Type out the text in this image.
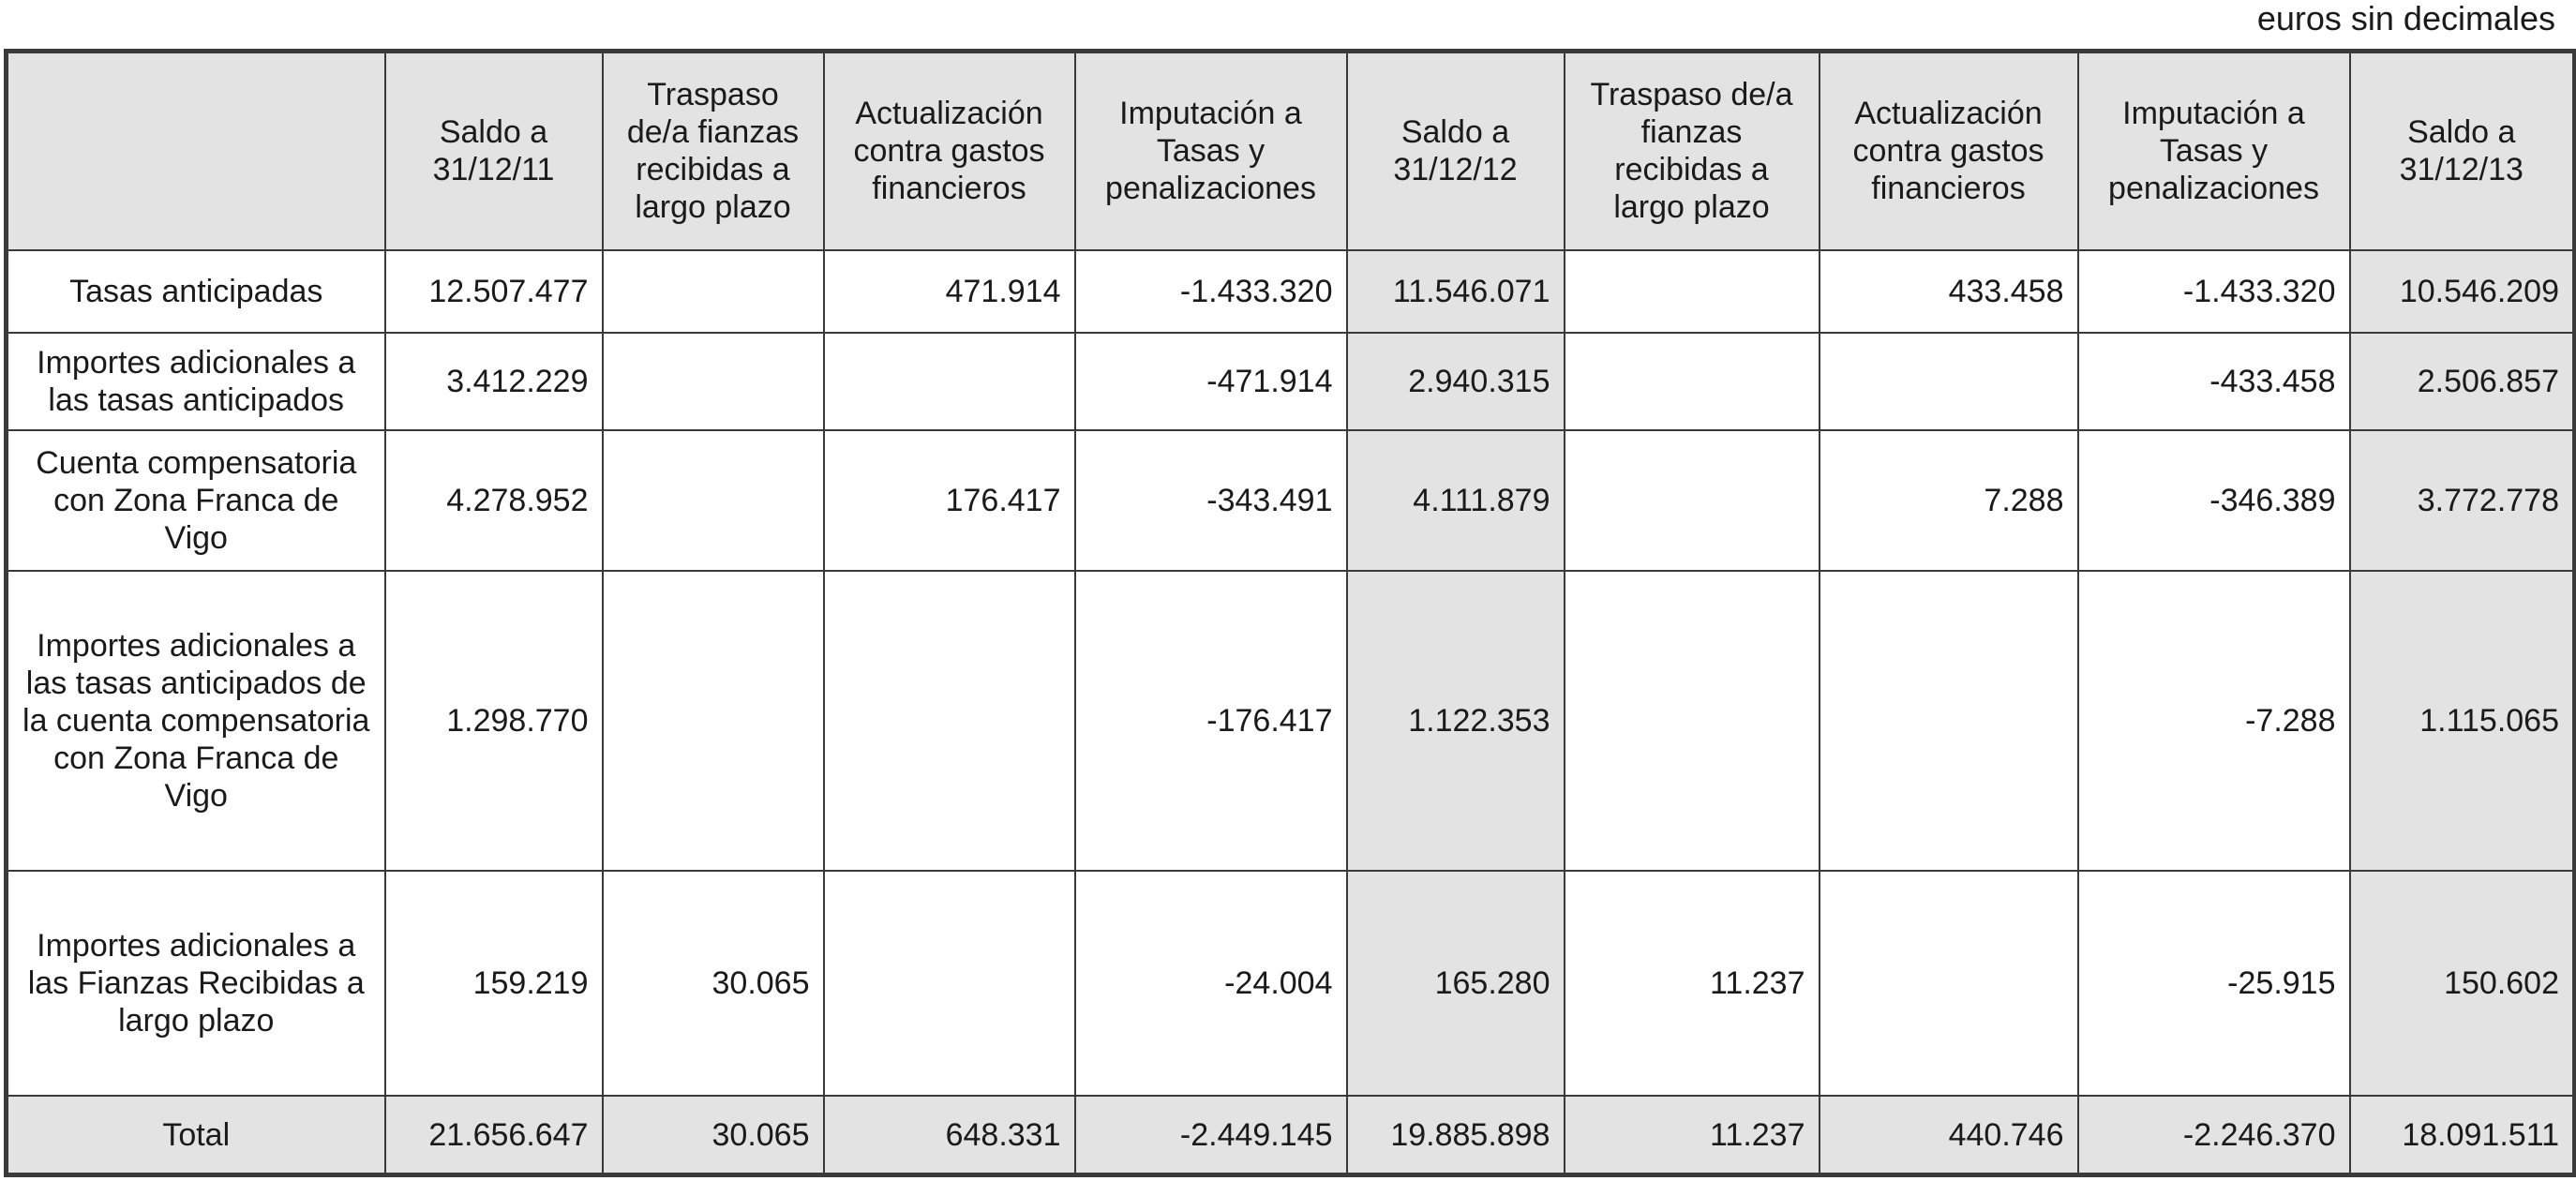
euros sin decimales
	Saldo a 31/12/11	Traspaso de/a fianzas recibidas a largo plazo	Actualización contra gastos financieros	Imputación a Tasas y penalizaciones	Saldo a 31/12/12	Traspaso de/a fianzas recibidas a largo plazo	Actualización contra gastos financieros	Imputación a Tasas y penalizaciones	Saldo a 31/12/13
Tasas anticipadas	12.507.477		471.914	-1.433.320	11.546.071		433.458	-1.433.320	10.546.209
Importes adicionales a las tasas anticipados	3.412.229			-471.914	2.940.315			-433.458	2.506.857
Cuenta compensatoria con Zona Franca de Vigo	4.278.952		176.417	-343.491	4.111.879		7.288	-346.389	3.772.778
Importes adicionales a las tasas anticipados de la cuenta compensatoria con Zona Franca de Vigo	1.298.770			-176.417	1.122.353			-7.288	1.115.065
Importes adicionales a las Fianzas Recibidas a largo plazo	159.219	30.065		-24.004	165.280	11.237		-25.915	150.602
Total	21.656.647	30.065	648.331	-2.449.145	19.885.898	11.237	440.746	-2.246.370	18.091.511
